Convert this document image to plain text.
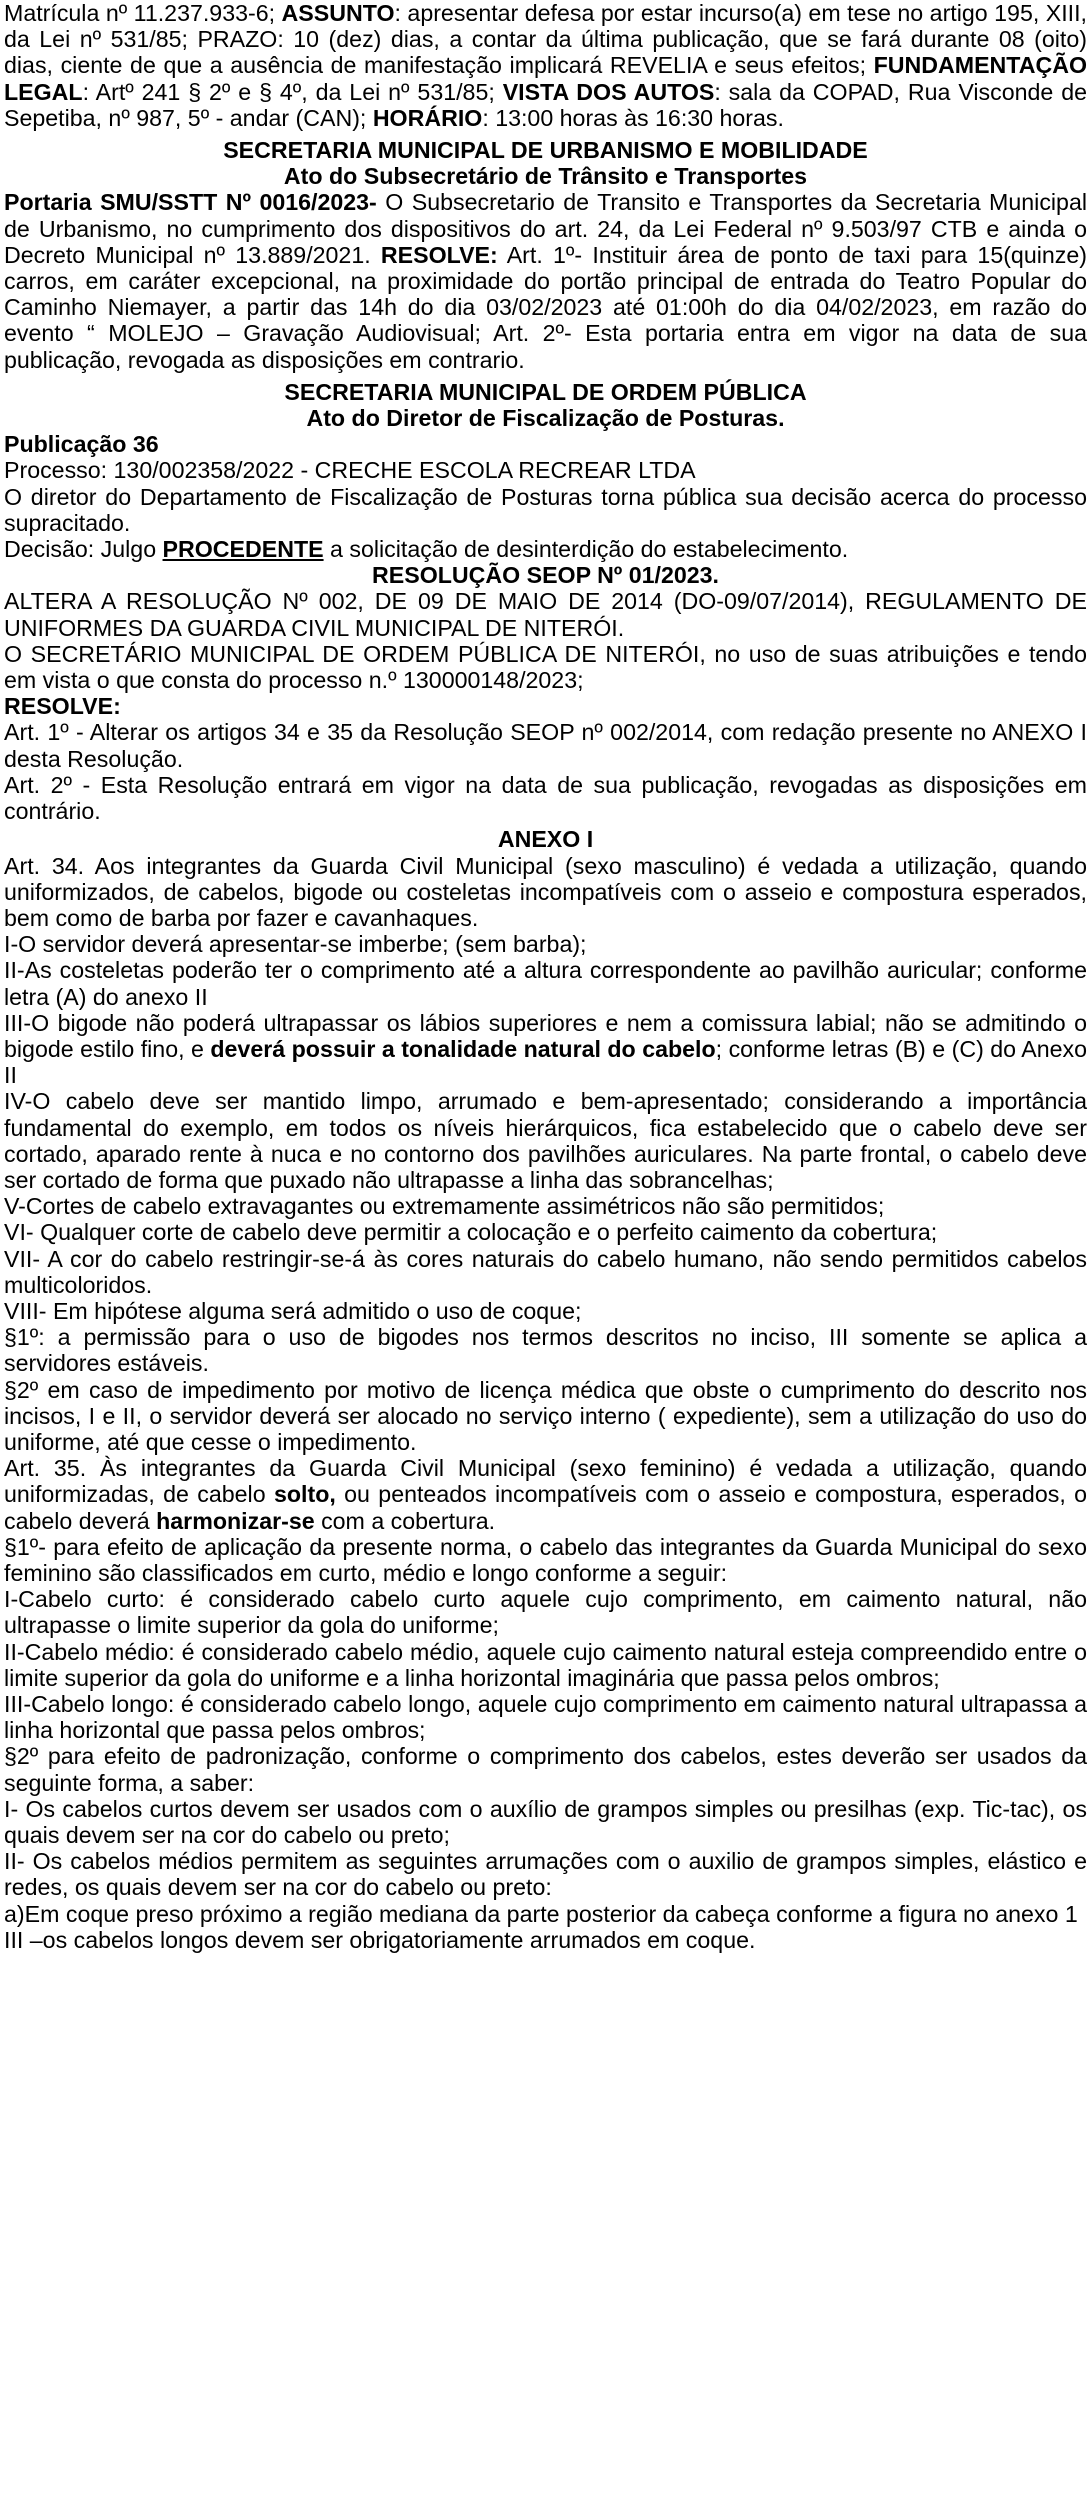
Matrícula nº 11.237.933-6; ASSUNTO: apresentar defesa por estar incurso(a) em tese no artigo 195, XIII, da Lei nº 531/85; PRAZO: 10 (dez) dias, a contar da última publicação, que se fará durante 08 (oito) dias, ciente de que a ausência de manifestação implicará REVELIA e seus efeitos; FUNDAMENTAÇÃO LEGAL: Artº 241 § 2º e § 4º, da Lei nº 531/85; VISTA DOS AUTOS: sala da COPAD, Rua Visconde de Sepetiba, nº 987, 5º - andar (CAN); HORÁRIO: 13:00 horas às 16:30 horas.

SECRETARIA MUNICIPAL DE URBANISMO E MOBILIDADE

Ato do Subsecretário de Trânsito e Transportes

Portaria SMU/SSTT Nº 0016/2023- O Subsecretario de Transito e Transportes da Secretaria Municipal de Urbanismo, no cumprimento dos dispositivos do art. 24, da Lei Federal nº 9.503/97 CTB e ainda o Decreto Municipal nº 13.889/2021. RESOLVE: Art. 1º- Instituir área de ponto de taxi para 15(quinze) carros, em caráter excepcional, na proximidade do portão principal de entrada do Teatro Popular do Caminho Niemayer, a partir das 14h do dia 03/02/2023 até 01:00h do dia 04/02/2023, em razão do evento “ MOLEJO – Gravação Audiovisual; Art. 2º- Esta portaria entra em vigor na data de sua publicação, revogada as disposições em contrario.

SECRETARIA MUNICIPAL DE ORDEM PÚBLICA

Ato do Diretor de Fiscalização de Posturas.

Publicação 36

Processo: 130/002358/2022 - CRECHE ESCOLA RECREAR LTDA

O diretor do Departamento de Fiscalização de Posturas torna pública sua decisão acerca do processo supracitado.

Decisão: Julgo PROCEDENTE a solicitação de desinterdição do estabelecimento.

RESOLUÇÃO SEOP Nº 01/2023.

ALTERA A RESOLUÇÃO Nº 002, DE 09 DE MAIO DE 2014 (DO-09/07/2014), REGULAMENTO DE UNIFORMES DA GUARDA CIVIL MUNICIPAL DE NITERÓI.

O SECRETÁRIO MUNICIPAL DE ORDEM PÚBLICA DE NITERÓI, no uso de suas atribuições e tendo em vista o que consta do processo n.º 130000148/2023;

RESOLVE:

Art. 1º - Alterar os artigos 34 e 35 da Resolução SEOP nº 002/2014, com redação presente no ANEXO I desta Resolução.

Art. 2º - Esta Resolução entrará em vigor na data de sua publicação, revogadas as disposições em contrário.

ANEXO I

Art. 34. Aos integrantes da Guarda Civil Municipal (sexo masculino) é vedada a utilização, quando uniformizados, de cabelos, bigode ou costeletas incompatíveis com o asseio e compostura esperados, bem como de barba por fazer e cavanhaques.

I-O servidor deverá apresentar-se imberbe; (sem barba);

II-As costeletas poderão ter o comprimento até a altura correspondente ao pavilhão auricular; conforme letra (A) do anexo II

III-O bigode não poderá ultrapassar os lábios superiores e nem a comissura labial; não se admitindo o bigode estilo fino, e deverá possuir a tonalidade natural do cabelo; conforme letras (B) e (C) do Anexo II

IV-O cabelo deve ser mantido limpo, arrumado e bem-apresentado; considerando a importância fundamental do exemplo, em todos os níveis hierárquicos, fica estabelecido que o cabelo deve ser cortado, aparado rente à nuca e no contorno dos pavilhões auriculares. Na parte frontal, o cabelo deve ser cortado de forma que puxado não ultrapasse a linha das sobrancelhas;

V-Cortes de cabelo extravagantes ou extremamente assimétricos não são permitidos;

VI- Qualquer corte de cabelo deve permitir a colocação e o perfeito caimento da cobertura;

VII- A cor do cabelo restringir-se-á às cores naturais do cabelo humano, não sendo permitidos cabelos multicoloridos.

VIII- Em hipótese alguma será admitido o uso de coque;

§1º: a permissão para o uso de bigodes nos termos descritos no inciso, III somente se aplica a servidores estáveis.

§2º em caso de impedimento por motivo de licença médica que obste o cumprimento do descrito nos incisos, I e II, o servidor deverá ser alocado no serviço interno ( expediente), sem a utilização do uso do uniforme, até que cesse o impedimento.

Art. 35. Às integrantes da Guarda Civil Municipal (sexo feminino) é vedada a utilização, quando uniformizadas, de cabelo solto, ou penteados incompatíveis com o asseio e compostura, esperados, o cabelo deverá harmonizar-se com a cobertura.

§1º- para efeito de aplicação da presente norma, o cabelo das integrantes da Guarda Municipal do sexo feminino são classificados em curto, médio e longo conforme a seguir:

I-Cabelo curto: é considerado cabelo curto aquele cujo comprimento, em caimento natural, não ultrapasse o limite superior da gola do uniforme;

II-Cabelo médio: é considerado cabelo médio, aquele cujo caimento natural esteja compreendido entre o limite superior da gola do uniforme e a linha horizontal imaginária que passa pelos ombros;

III-Cabelo longo: é considerado cabelo longo, aquele cujo comprimento em caimento natural ultrapassa a linha horizontal que passa pelos ombros;

§2º para efeito de padronização, conforme o comprimento dos cabelos, estes deverão ser usados da seguinte forma, a saber:

I- Os cabelos curtos devem ser usados com o auxílio de grampos simples ou presilhas (exp. Tic-tac), os quais devem ser na cor do cabelo ou preto;

II- Os cabelos médios permitem as seguintes arrumações com o auxilio de grampos simples, elástico e redes, os quais devem ser na cor do cabelo ou preto:

a)Em coque preso próximo a região mediana da parte posterior da cabeça conforme a figura no anexo 1

III –os cabelos longos devem ser obrigatoriamente arrumados em coque.
